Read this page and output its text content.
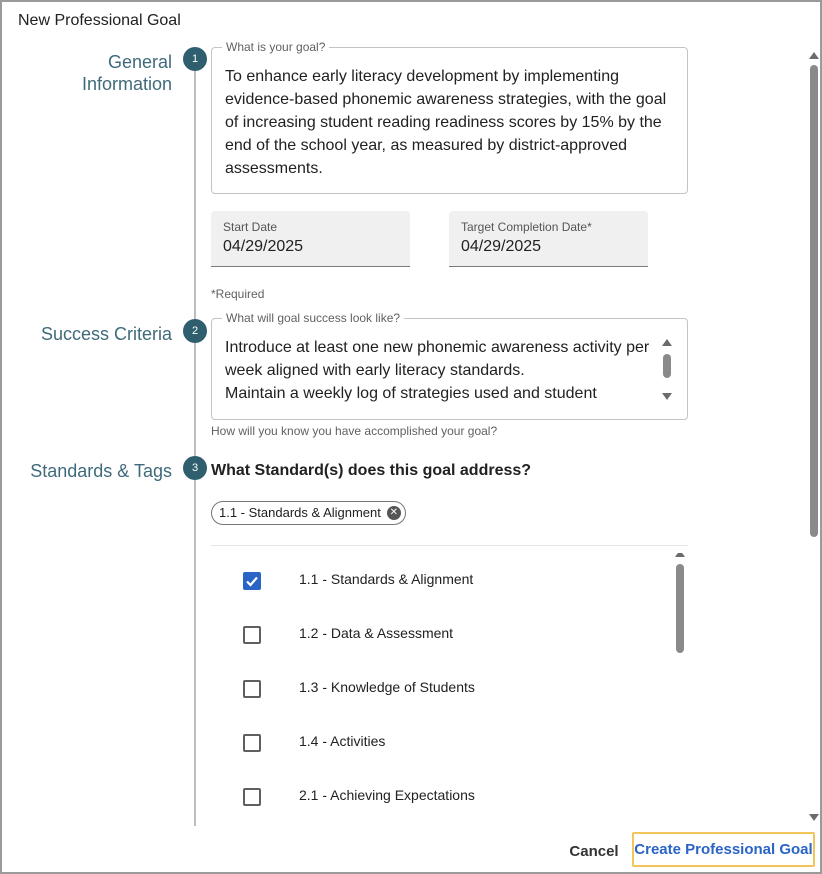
New Professional Goal
General
Information
1
What is your goal?
To enhance early literacy development by implementing evidence-based phonemic awareness strategies, with the goal of increasing student reading readiness scores by 15% by the end of the school year, as measured by district-approved assessments.
Start Date
04/29/2025
Target Completion Date*
04/29/2025
*Required
Success Criteria	2
What will goal success look like?
Introduce at least one new phonemic awareness activity per week aligned with early literacy standards.
Maintain a weekly log of strategies used and student
How will you know you have accomplished your goal?
Standards & Tags	3 What Standard(s) does this goal address?
1.1 - Standards & Alignment ✕
1.1 - Standards & Alignment
1.2 - Data & Assessment
1.3 - Knowledge of Students
1.4 - Activities
2.1 - Achieving Expectations
Cancel	Create Professional Goal
